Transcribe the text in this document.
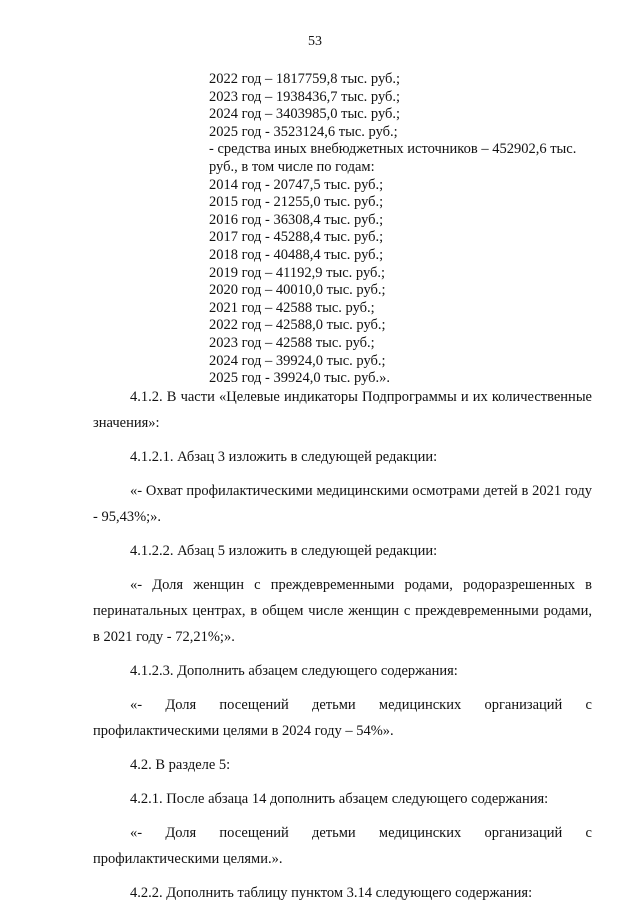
53
2022 год – 1817759,8 тыс. руб.;
2023 год – 1938436,7 тыс. руб.;
2024 год – 3403985,0 тыс. руб.;
2025 год - 3523124,6 тыс. руб.;
- средства иных внебюджетных источников – 452902,6 тыс. руб., в том числе по годам:
2014 год - 20747,5 тыс. руб.;
2015 год - 21255,0 тыс. руб.;
2016 год - 36308,4 тыс. руб.;
2017 год - 45288,4 тыс. руб.;
2018 год - 40488,4 тыс. руб.;
2019 год – 41192,9 тыс. руб.;
2020 год – 40010,0 тыс. руб.;
2021 год – 42588 тыс. руб.;
2022 год – 42588,0 тыс. руб.;
2023 год – 42588 тыс. руб.;
2024 год – 39924,0 тыс. руб.;
2025 год - 39924,0 тыс. руб.».

4.1.2. В части «Целевые индикаторы Подпрограммы и их количественные значения»:

4.1.2.1. Абзац 3 изложить в следующей редакции:

«- Охват профилактическими медицинскими осмотрами детей в 2021 году - 95,43%;».

4.1.2.2. Абзац 5 изложить в следующей редакции:

«- Доля женщин с преждевременными родами, родоразрешенных в перинатальных центрах, в общем числе женщин с преждевременными родами, в 2021 году - 72,21%;».

4.1.2.3. Дополнить абзацем следующего содержания:

«- Доля посещений детьми медицинских организаций с профилактическими целями в 2024 году – 54%».

4.2. В разделе 5:

4.2.1. После абзаца 14 дополнить абзацем следующего содержания:

«- Доля посещений детьми медицинских организаций с профилактическими целями.».

4.2.2. Дополнить таблицу пунктом 3.14 следующего содержания:
